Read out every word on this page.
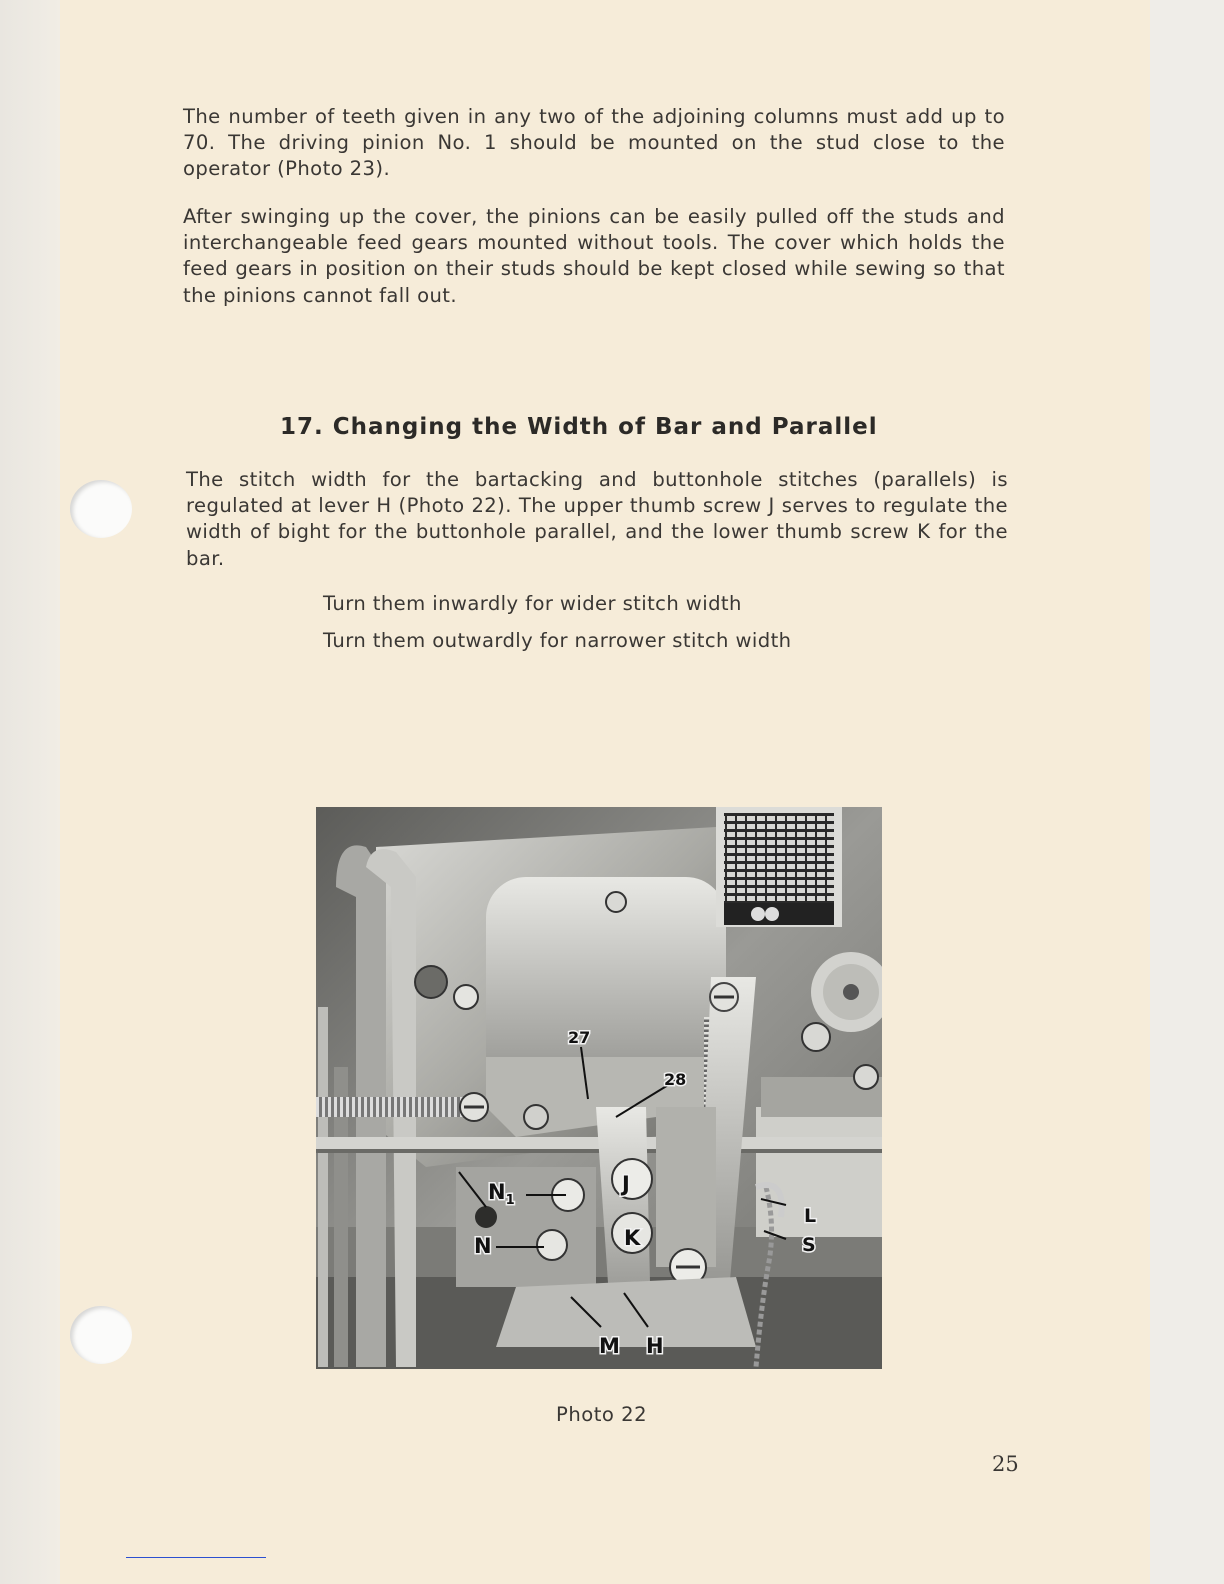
The number of teeth given in any two of the adjoining columns must add up to 70. The driving pinion No. 1 should be mounted on the stud close to the operator (Photo 23).

After swinging up the cover, the pinions can be easily pulled off the studs and interchangeable feed gears mounted without tools. The cover which holds the feed gears in position on their studs should be kept closed while sewing so that the pinions cannot fall out.

17. Changing the Width of Bar and Parallel

The stitch width for the bartacking and buttonhole stitches (parallels) is regulated at lever H (Photo 22). The upper thumb screw J serves to regulate the width of bight for the buttonhole parallel, and the lower thumb screw K for the bar.

Turn them inwardly for wider stitch width
Turn them outwardly for narrower stitch width
27
28
$N_1$
N
J
K
L
S
M H
Photo 22
25
